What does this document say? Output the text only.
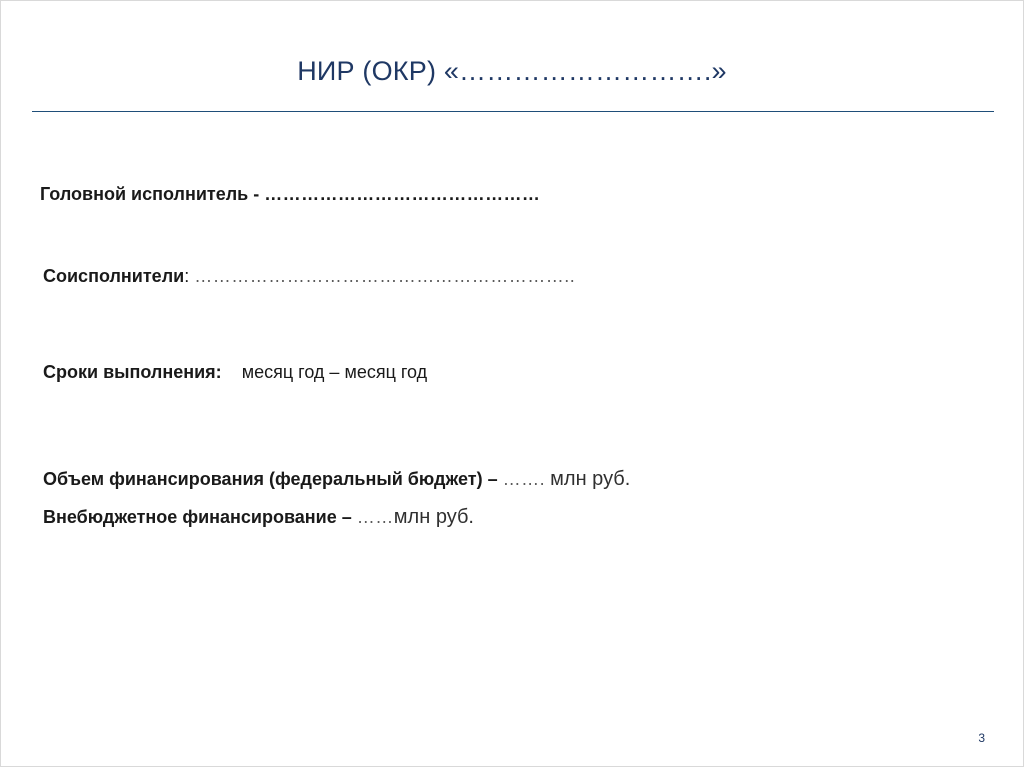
НИР (ОКР) «……………………….»
Головной исполнитель - ………………………………………
Соисполнители: ……………………………………………………..
Сроки выполнения: месяц год – месяц год
Объем финансирования (федеральный бюджет) – ……. млн руб.
Внебюджетное финансирование – ……млн руб.
3
